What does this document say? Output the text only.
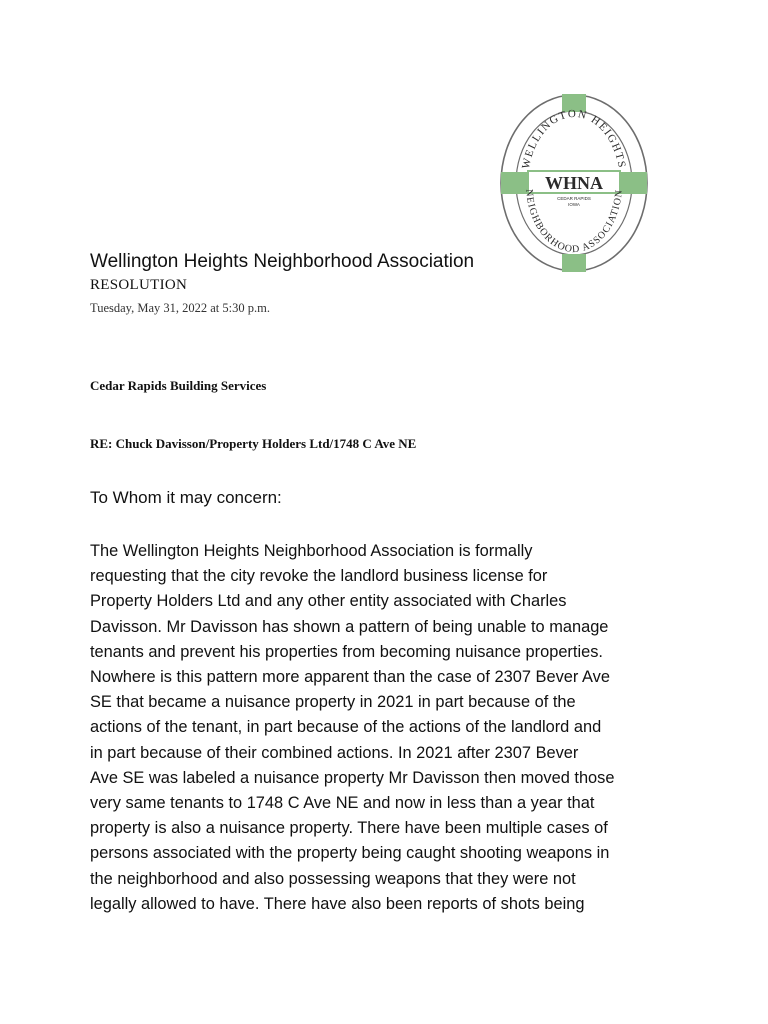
WELLINGTON HEIGHTS
NEIGHBORHOOD ASSOCIATION
WHNA
CEDAR RAPIDS
IOWA
Wellington Heights Neighborhood Association
RESOLUTION
Tuesday, May 31, 2022 at 5:30 p.m.
Cedar Rapids Building Services
RE: Chuck Davisson/Property Holders Ltd/1748 C Ave NE
To Whom it may concern:
The Wellington Heights Neighborhood Association is formally
requesting that the city revoke the landlord business license for
Property Holders Ltd and any other entity associated with Charles
Davisson. Mr Davisson has shown a pattern of being unable to manage
tenants and prevent his properties from becoming nuisance properties.
Nowhere is this pattern more apparent than the case of 2307 Bever Ave
SE that became a nuisance property in 2021 in part because of the
actions of the tenant, in part because of the actions of the landlord and
in part because of their combined actions. In 2021 after 2307 Bever
Ave SE was labeled a nuisance property Mr Davisson then moved those
very same tenants to 1748 C Ave NE and now in less than a year that
property is also a nuisance property. There have been multiple cases of
persons associated with the property being caught shooting weapons in
the neighborhood and also possessing weapons that they were not
legally allowed to have. There have also been reports of shots being
